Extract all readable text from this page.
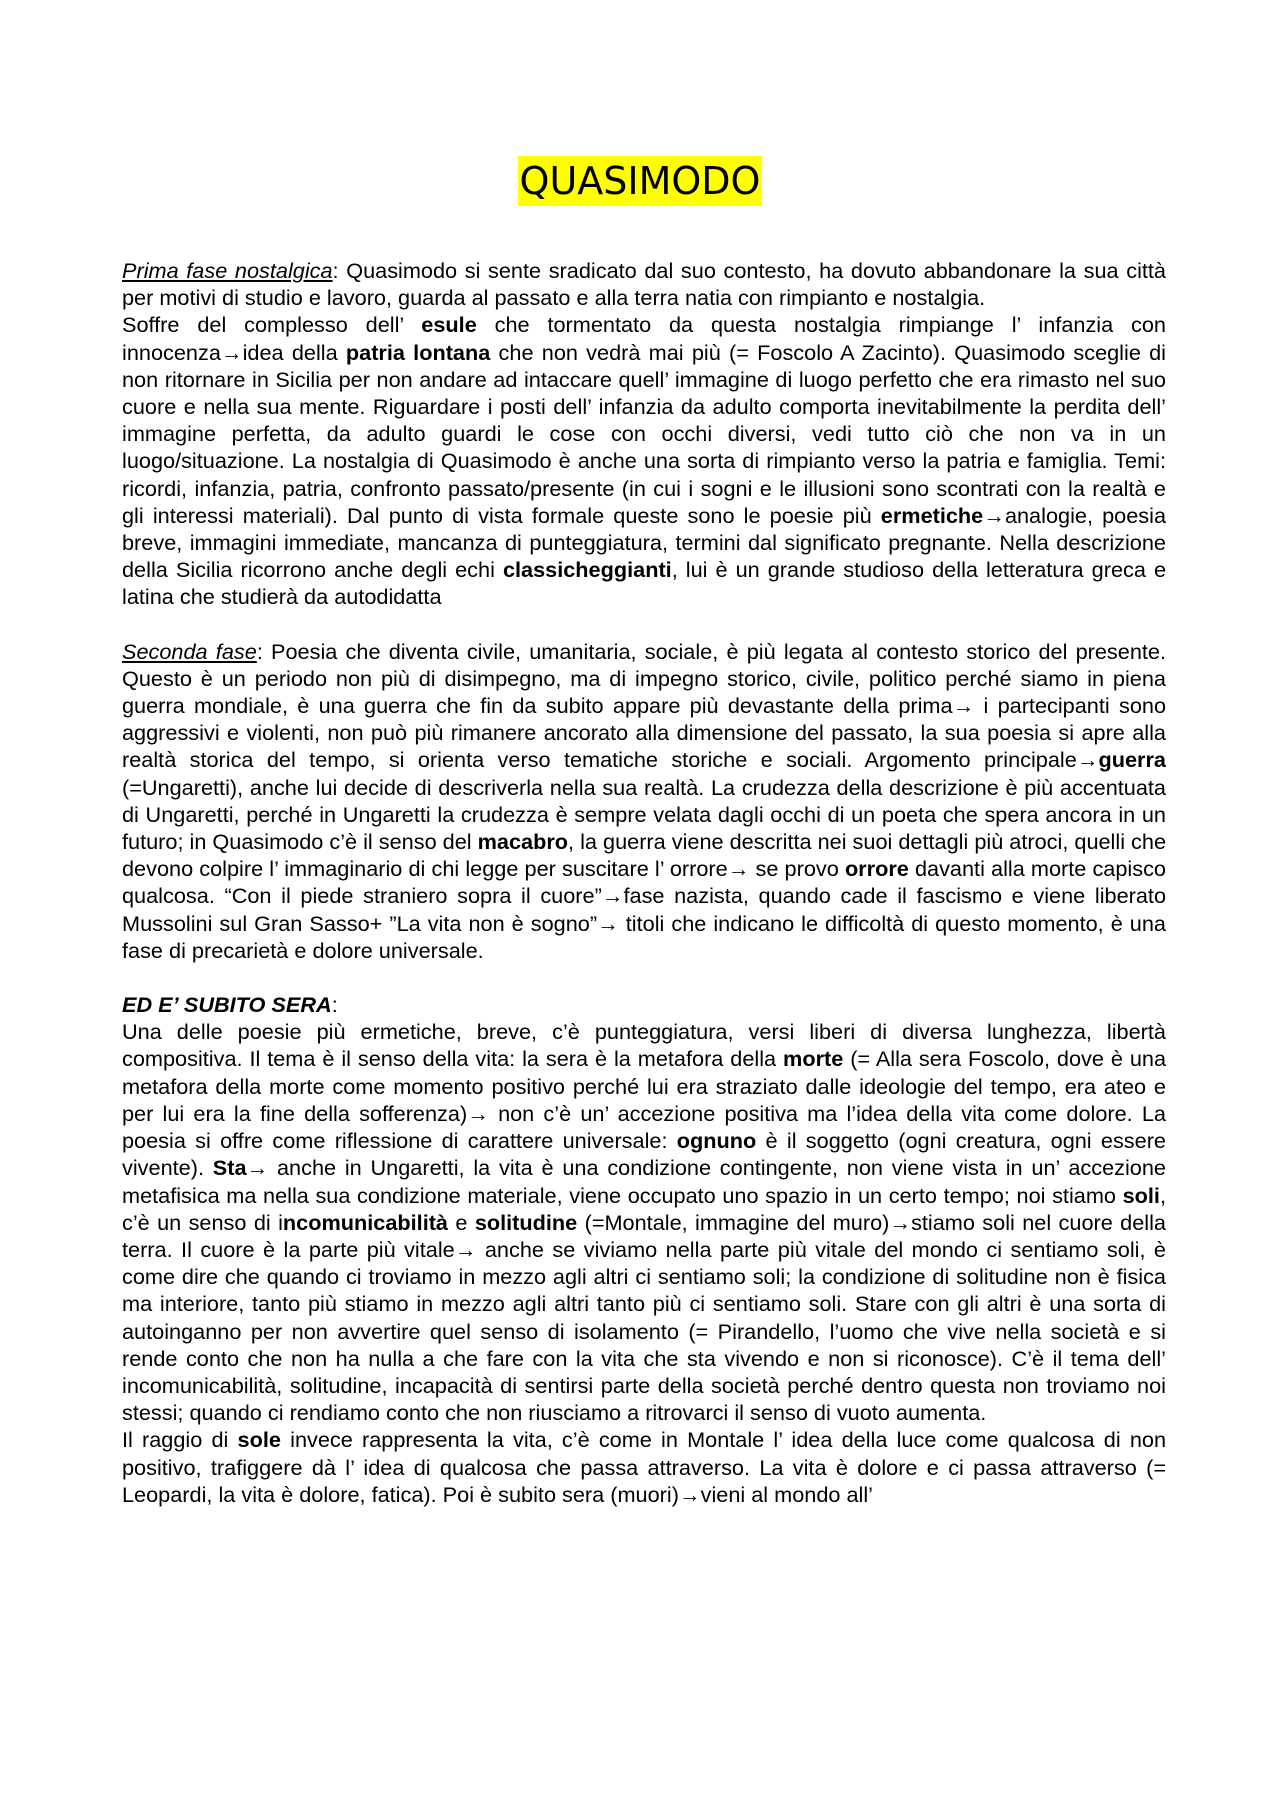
QUASIMODO

Prima fase nostalgica: Quasimodo si sente sradicato dal suo contesto, ha dovuto abbandonare la sua città per motivi di studio e lavoro, guarda al passato e alla terra natia con rimpianto e nostalgia.

Soffre del complesso dell’ esule che tormentato da questa nostalgia rimpiange l’ infanzia con innocenza→idea della patria lontana che non vedrà mai più (= Foscolo A Zacinto). Quasimodo sceglie di non ritornare in Sicilia per non andare ad intaccare quell’ immagine di luogo perfetto che era rimasto nel suo cuore e nella sua mente. Riguardare i posti dell’ infanzia da adulto comporta inevitabilmente la perdita dell’ immagine perfetta, da adulto guardi le cose con occhi diversi, vedi tutto ciò che non va in un luogo/situazione. La nostalgia di Quasimodo è anche una sorta di rimpianto verso la patria e famiglia. Temi: ricordi, infanzia, patria, confronto passato/presente (in cui i sogni e le illusioni sono scontrati con la realtà e gli interessi materiali). Dal punto di vista formale queste sono le poesie più ermetiche→analogie, poesia breve, immagini immediate, mancanza di punteggiatura, termini dal significato pregnante. Nella descrizione della Sicilia ricorrono anche degli echi classicheggianti, lui è un grande studioso della letteratura greca e latina che studierà da autodidatta

Seconda fase: Poesia che diventa civile, umanitaria, sociale, è più legata al contesto storico del presente. Questo è un periodo non più di disimpegno, ma di impegno storico, civile, politico perché siamo in piena guerra mondiale, è una guerra che fin da subito appare più devastante della prima→ i partecipanti sono aggressivi e violenti, non può più rimanere ancorato alla dimensione del passato, la sua poesia si apre alla realtà storica del tempo, si orienta verso tematiche storiche e sociali. Argomento principale→guerra (=Ungaretti), anche lui decide di descriverla nella sua realtà. La crudezza della descrizione è più accentuata di Ungaretti, perché in Ungaretti la crudezza è sempre velata dagli occhi di un poeta che spera ancora in un futuro; in Quasimodo c’è il senso del macabro, la guerra viene descritta nei suoi dettagli più atroci, quelli che devono colpire l’ immaginario di chi legge per suscitare l’ orrore→ se provo orrore davanti alla morte capisco qualcosa. “Con il piede straniero sopra il cuore”→fase nazista, quando cade il fascismo e viene liberato Mussolini sul Gran Sasso+ ”La vita non è sogno”→ titoli che indicano le difficoltà di questo momento, è una fase di precarietà e dolore universale.

ED E’ SUBITO SERA:

Una delle poesie più ermetiche, breve, c’è punteggiatura, versi liberi di diversa lunghezza, libertà compositiva. Il tema è il senso della vita: la sera è la metafora della morte (= Alla sera Foscolo, dove è una metafora della morte come momento positivo perché lui era straziato dalle ideologie del tempo, era ateo e per lui era la fine della sofferenza)→ non c’è un’ accezione positiva ma l’idea della vita come dolore. La poesia si offre come riflessione di carattere universale: ognuno è il soggetto (ogni creatura, ogni essere vivente). Sta→ anche in Ungaretti, la vita è una condizione contingente, non viene vista in un’ accezione metafisica ma nella sua condizione materiale, viene occupato uno spazio in un certo tempo; noi stiamo soli, c’è un senso di incomunicabilità e solitudine (=Montale, immagine del muro)→stiamo soli nel cuore della terra. Il cuore è la parte più vitale→ anche se viviamo nella parte più vitale del mondo ci sentiamo soli, è come dire che quando ci troviamo in mezzo agli altri ci sentiamo soli; la condizione di solitudine non è fisica ma interiore, tanto più stiamo in mezzo agli altri tanto più ci sentiamo soli. Stare con gli altri è una sorta di autoinganno per non avvertire quel senso di isolamento (= Pirandello, l’uomo che vive nella società e si rende conto che non ha nulla a che fare con la vita che sta vivendo e non si riconosce). C’è il tema dell’ incomunicabilità, solitudine, incapacità di sentirsi parte della società perché dentro questa non troviamo noi stessi; quando ci rendiamo conto che non riusciamo a ritrovarci il senso di vuoto aumenta.

Il raggio di sole invece rappresenta la vita, c’è come in Montale l’ idea della luce come qualcosa di non positivo, trafiggere dà l’ idea di qualcosa che passa attraverso. La vita è dolore e ci passa attraverso (= Leopardi, la vita è dolore, fatica). Poi è subito sera (muori)→vieni al mondo all’
